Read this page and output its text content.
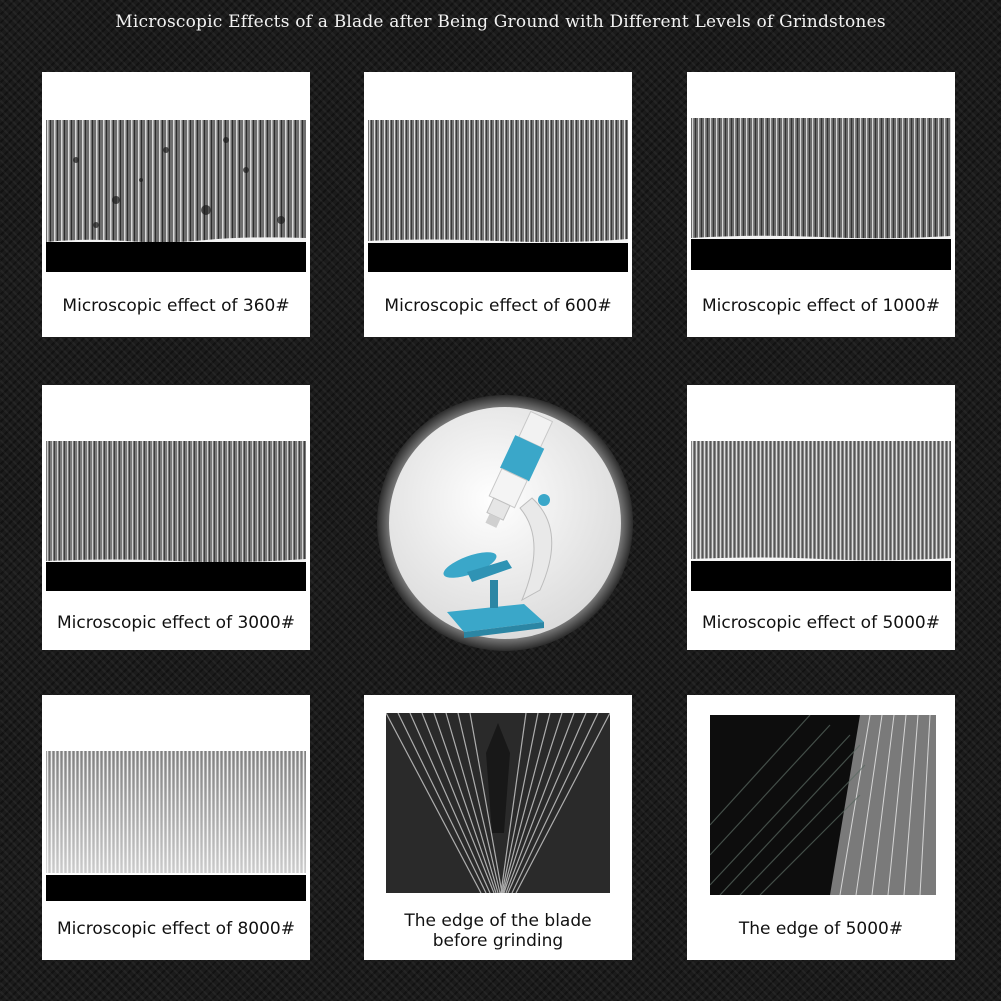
Microscopic Effects of a Blade after Being Ground with Different Levels of Grindstones
Microscopic effect of 360#	Microscopic effect of 600#	Microscopic effect of 1000#
Microscopic effect of 3000#	Microscopic effect of 5000#
Microscopic effect of 8000#	The edge of the blade before grinding
The edge of 5000#
